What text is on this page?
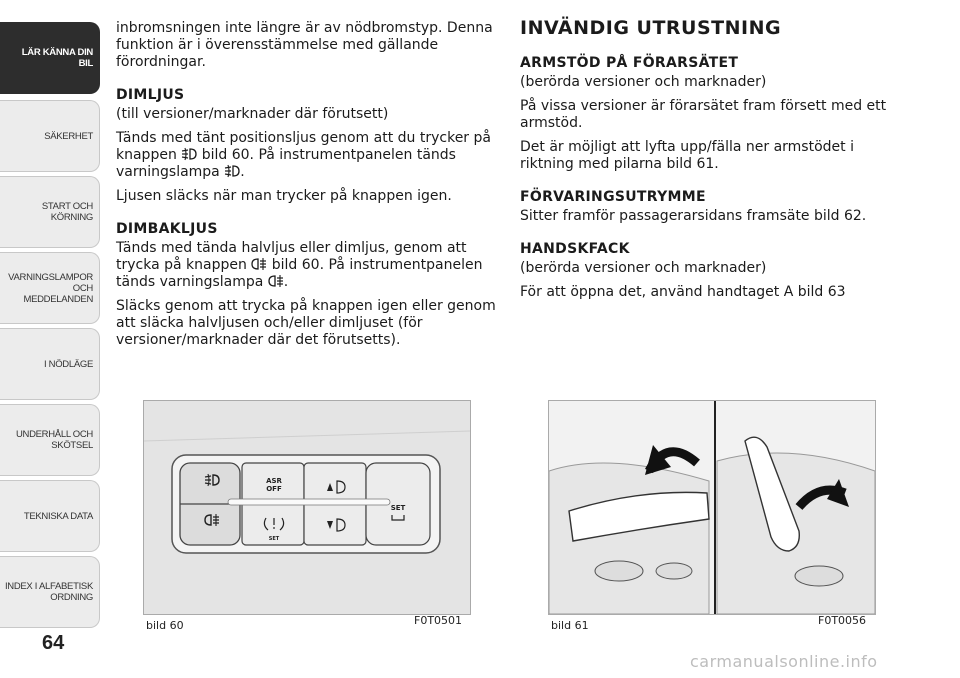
LÄR KÄNNA DIN
BIL
SÄKERHET
START OCH
KÖRNING
VARNINGSLAMPOR
OCH
MEDDELANDEN
I NÖDLÄGE
UNDERHÅLL OCH
SKÖTSEL
TEKNISKA DATA
INDEX I ALFABETISK
ORDNING
64

inbromsningen inte längre är av nödbromstyp. Denna funktion är i överensstämmelse med gällande förordningar.

DIMLJUS

(till versioner/marknader där förutsett)

Tänds med tänt positionsljus genom att du trycker på knappen  bild 60. På instrumentpanelen tänds varningslampa .

Ljusen släcks när man trycker på knappen igen.

DIMBAKLJUS

Tänds med tända halvljus eller dimljus, genom att trycka på knappen  bild 60. På instrumentpanelen tänds varningslampa .

Släcks genom att trycka på knappen igen eller genom att släcka halvljusen och/eller dimljuset (för versioner/marknader där det förutsetts).

INVÄNDIG UTRUSTNING
ARMSTÖD PÅ FÖRARSÄTET

(berörda versioner och marknader)

På vissa versioner är förarsätet fram försett med ett armstöd.

Det är möjligt att lyfta upp/fälla ner armstödet i riktning med pilarna bild 61.

FÖRVARINGSUTRYMME

Sitter framför passagerarsidans framsäte bild 62.

HANDSKFACK

(berörda versioner och marknader)

För att öppna det, använd handtaget A bild 63

ASR
OFF
SET
SET
bild 60	F0T0501	bild 61	F0T0056
carmanualsonline.info
